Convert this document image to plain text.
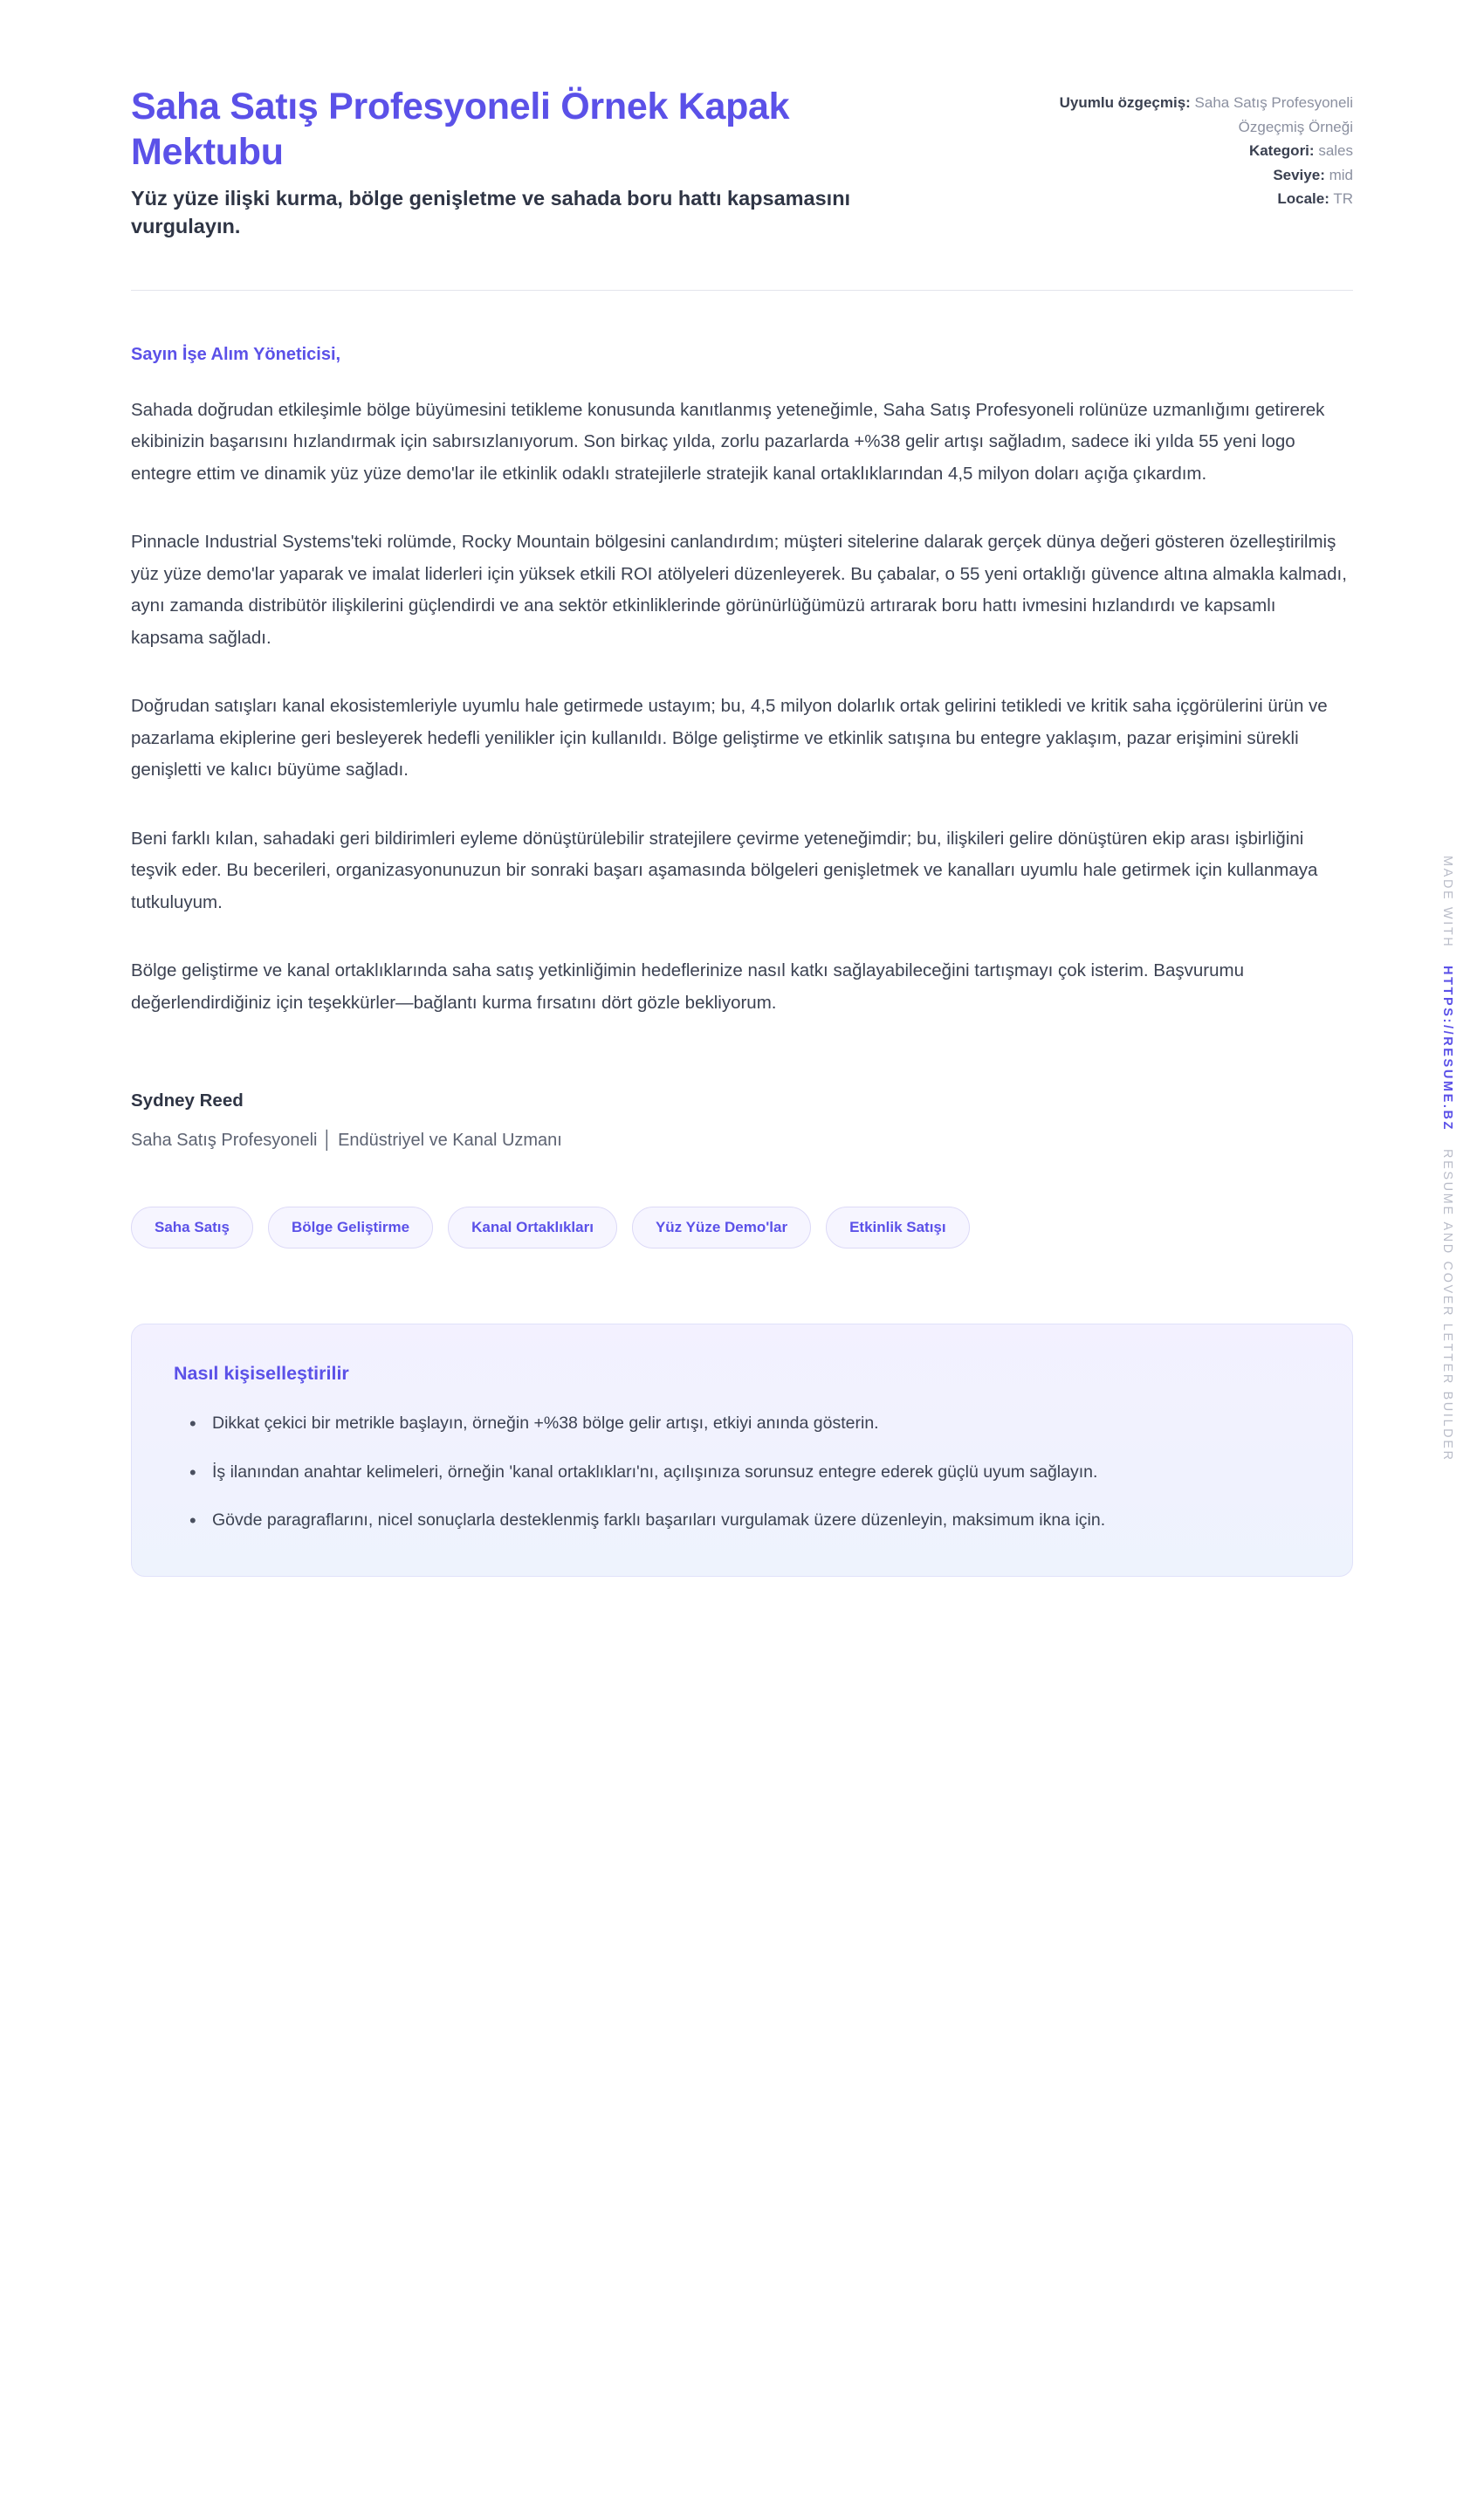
Saha Satış Profesyoneli Örnek Kapak Mektubu

Yüz yüze ilişki kurma, bölge genişletme ve sahada boru hattı kapsamasını vurgulayın.

Uyumlu özgeçmiş: Saha Satış Profesyoneli Özgeçmiş Örneği

Kategori: sales

Seviye: mid

Locale: TR

Sayın İşe Alım Yöneticisi,

Sahada doğrudan etkileşimle bölge büyümesini tetikleme konusunda kanıtlanmış yeteneğimle, Saha Satış Profesyoneli rolünüze uzmanlığımı getirerek ekibinizin başarısını hızlandırmak için sabırsızlanıyorum. Son birkaç yılda, zorlu pazarlarda +%38 gelir artışı sağladım, sadece iki yılda 55 yeni logo entegre ettim ve dinamik yüz yüze demo'lar ile etkinlik odaklı stratejilerle stratejik kanal ortaklıklarından 4,5 milyon doları açığa çıkardım.

Pinnacle Industrial Systems'teki rolümde, Rocky Mountain bölgesini canlandırdım; müşteri sitelerine dalarak gerçek dünya değeri gösteren özelleştirilmiş yüz yüze demo'lar yaparak ve imalat liderleri için yüksek etkili ROI atölyeleri düzenleyerek. Bu çabalar, o 55 yeni ortaklığı güvence altına almakla kalmadı, aynı zamanda distribütör ilişkilerini güçlendirdi ve ana sektör etkinliklerinde görünürlüğümüzü artırarak boru hattı ivmesini hızlandırdı ve kapsamlı kapsama sağladı.

Doğrudan satışları kanal ekosistemleriyle uyumlu hale getirmede ustayım; bu, 4,5 milyon dolarlık ortak gelirini tetikledi ve kritik saha içgörülerini ürün ve pazarlama ekiplerine geri besleyerek hedefli yenilikler için kullanıldı. Bölge geliştirme ve etkinlik satışına bu entegre yaklaşım, pazar erişimini sürekli genişletti ve kalıcı büyüme sağladı.

Beni farklı kılan, sahadaki geri bildirimleri eyleme dönüştürülebilir stratejilere çevirme yeteneğimdir; bu, ilişkileri gelire dönüştüren ekip arası işbirliğini teşvik eder. Bu becerileri, organizasyonunuzun bir sonraki başarı aşamasında bölgeleri genişletmek ve kanalları uyumlu hale getirmek için kullanmaya tutkuluyum.

Bölge geliştirme ve kanal ortaklıklarında saha satış yetkinliğimin hedeflerinize nasıl katkı sağlayabileceğini tartışmayı çok isterim. Başvurumu değerlendirdiğiniz için teşekkürler—bağlantı kurma fırsatını dört gözle bekliyorum.

Sydney Reed

Saha Satış Profesyoneli │ Endüstriyel ve Kanal Uzmanı

Saha Satış	Bölge Geliştirme	Kanal Ortaklıkları	Yüz Yüze Demo'lar	Etkinlik Satışı

Nasıl kişiselleştirilir

• Dikkat çekici bir metrikle başlayın, örneğin +%38 bölge gelir artışı, etkiyi anında gösterin.
• İş ilanından anahtar kelimeleri, örneğin 'kanal ortaklıkları'nı, açılışınıza sorunsuz entegre ederek güçlü uyum sağlayın.
• Gövde paragraflarını, nicel sonuçlarla desteklenmiş farklı başarıları vurgulamak üzere düzenleyin, maksimum ikna için.
MADE WITH
HTTPS://RESUME.BZ
RESUME AND COVER LETTER BUILDER
